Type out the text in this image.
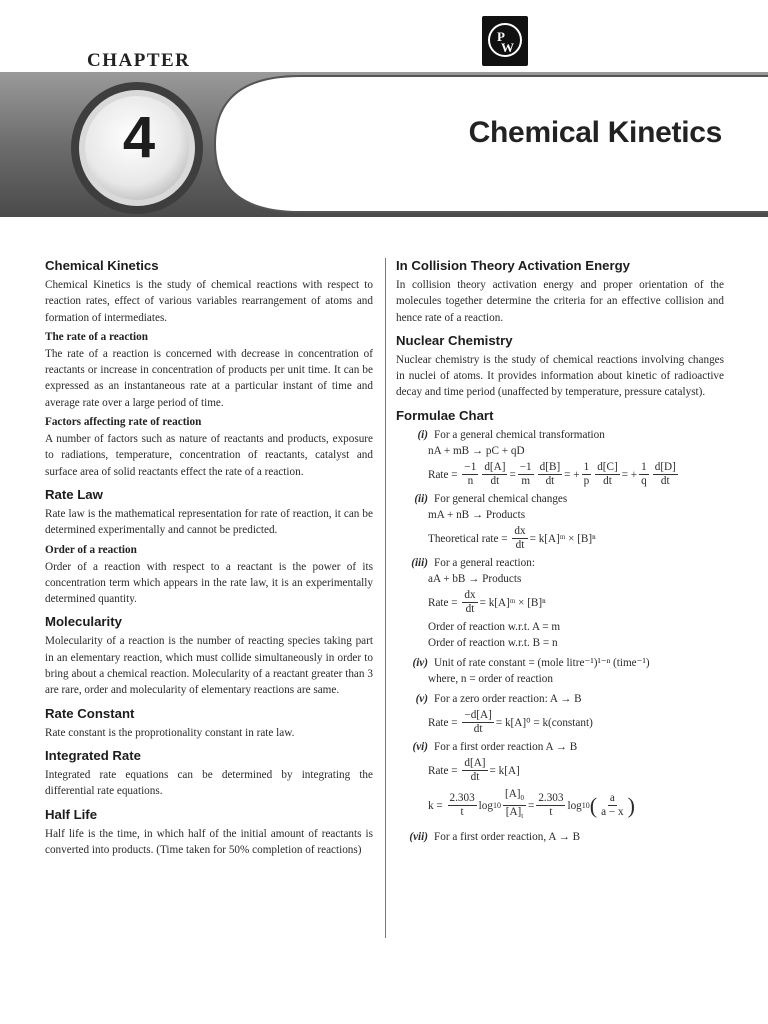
P
W
CHAPTER
4	Chemical Kinetics
Chemical Kinetics

Chemical Kinetics is the study of chemical reactions with respect to reaction rates, effect of various variables rearrangement of atoms and formation of intermediates.

The rate of a reaction

The rate of a reaction is concerned with decrease in concentration of reactants or increase in concentration of products per unit time. It can be expressed as an instantaneous rate at a particular instant of time and average rate over a large period of time.

Factors affecting rate of reaction

A number of factors such as nature of reactants and products, exposure to radiations, temperature, concentration of reactants, catalyst and surface area of solid reactants effect the rate of a reaction.

Rate Law

Rate law is the mathematical representation for rate of reaction, it can be determined experimentally and cannot be predicted.

Order of a reaction

Order of a reaction with respect to a reactant is the power of its concentration term which appears in the rate law, it is an experimentally determined quantity.

Molecularity

Molecularity of a reaction is the number of reacting species taking part in an elementary reaction, which must collide simultaneously in order to bring about a chemical reaction. Molecularity of a reactant greater than 3 are rare, order and molecularity of elementary reactions are same.

Rate Constant

Rate constant is the proprotionality constant in rate law.

Integrated Rate

Integrated rate equations can be determined by integrating the differential rate equations.

Half Life

Half life is the time, in which half of the initial amount of reactants is converted into products. (Time taken for 50% completion of reactions)

In Collision Theory Activation Energy

In collision theory activation energy and proper orientation of the molecules together determine the criteria for an effective collision and hence rate of a reaction.

Nuclear Chemistry

Nuclear chemistry is the study of chemical reactions involving changes in nuclei of atoms. It provides information about kinetic of radioactive decay and time period (unaffected by temperature, pressure catalyst).

Formulae Chart
(i) For a general chemical transformation
nA + mB → pC + qD
Rate =
$\frac{-1}{n} \frac{d[A]}{dt} = \frac{-1}{m} \frac{d[B]}{dt}$ = + $\frac{1}{p} \frac{d[C]}{dt}$ = + $\frac{1}{q} \frac{d[D]}{dt}$
(ii) For general chemical changes
mA + nB → Products
Theoretical rate =
$\frac{dx}{dt}$ = k[A]ᵐ × [B]ⁿ
(iii) For a general reaction:
aA + bB → Products
Rate =
$\frac{dx}{dt}$ = k[A]ᵐ × [B]ⁿ
Order of reaction w.r.t. A = m
Order of reaction w.r.t. B = n
(iv) Unit of rate constant = (mole litre⁻¹)¹⁻ⁿ (time⁻¹)
where, n = order of reaction
(v) For a zero order reaction: A → B
Rate =
$\frac{-d[A]}{dt} = k[A]^0$ = k(constant)
(vi) For a first order reaction A → B
Rate =
$\frac{d[A]}{dt} = k[A]$
k =
$\frac{2.303}{t}$ $\log 10 \frac{[A]_0}{[A]_t} = \frac{2.303}{t}$ log 10 ( $\frac{a}{a - x}$ )
(vii) For a first order reaction, A → B
